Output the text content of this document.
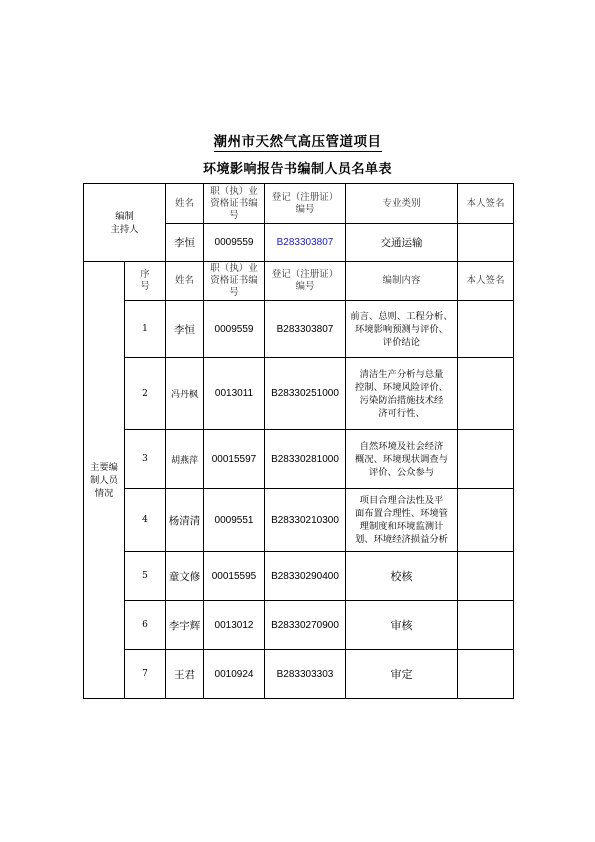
潮州市天然气高压管道项目
环境影响报告书编制人员名单表
编制
主持人		姓名	职（执）业
资格证书编
号	登记（注册证）
编号	专业类别	本人签名
		李恒	0009559	B283303807	交通运输	
主要编
制人员
情况	序
号	姓名	职（执）业
资格证书编
号	登记（注册证）
编号	编制内容	本人签名
	1	李恒	0009559	B283303807	前言、总则、工程分析、
环境影响预测与评价、
评价结论	
	2	冯丹枫	0013011	B28330251000	清洁生产分析与总量
控制、环境风险评价、
污染防治措施技术经
济可行性、	
	3	胡燕萍	00015597	B28330281000	自然环境及社会经济
概况、环境现状调查与
评价、公众参与	
	4	杨清清	0009551	B28330210300	项目合理合法性及平
面布置合理性、环境管
理制度和环境监测计
划、环境经济损益分析	
	5	童文修	00015595	B28330290400	校核	
	6	李宇辉	0013012	B28330270900	审核	
	7	王君	0010924	B283303303	审定	
